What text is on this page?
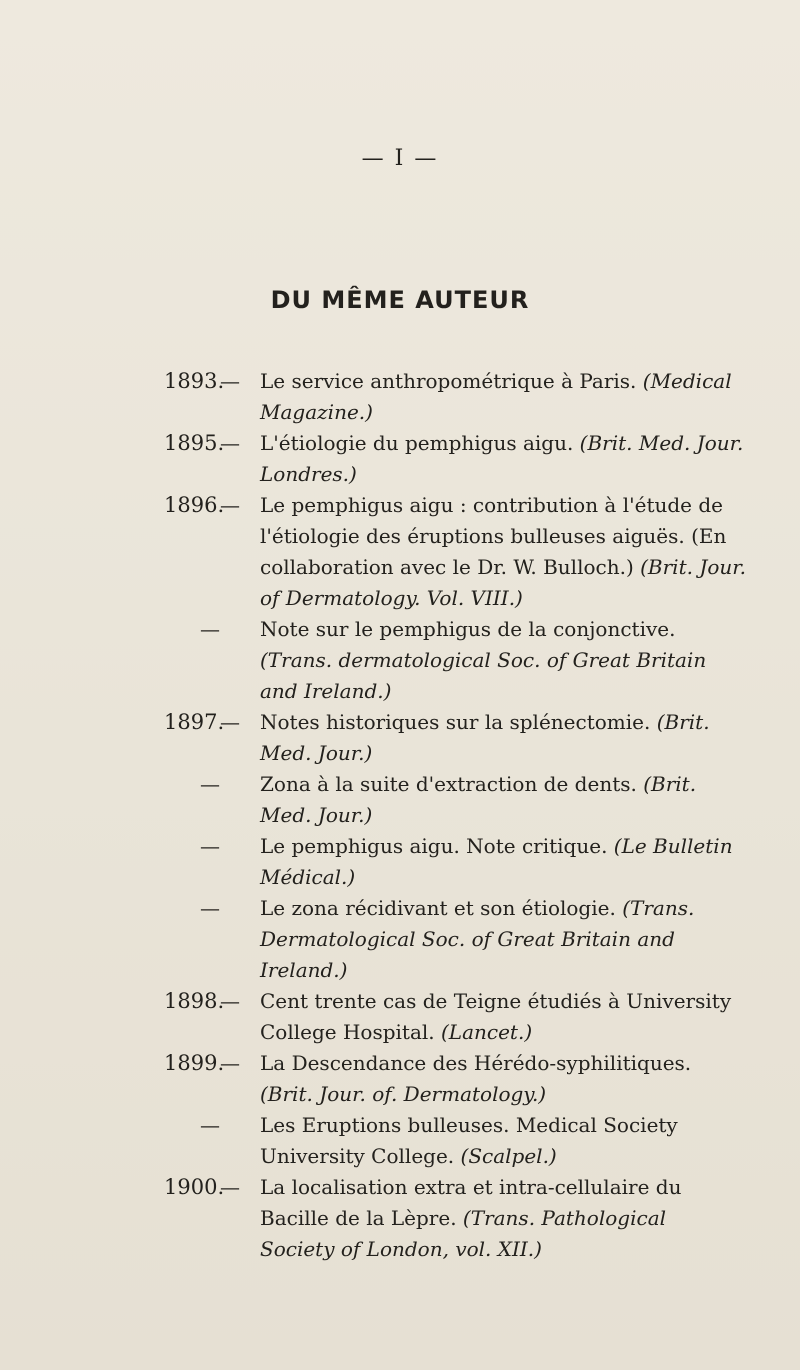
— I —
DU MÊME AUTEUR

1893.— Le service anthropométrique à Paris. (Medical Magazine.)

1895.— L'étiologie du pemphigus aigu. (Brit. Med. Jour. Londres.)

1896.— Le pemphigus aigu : contribution à l'étude de l'étiologie des éruptions bulleuses aiguës. (En collaboration avec le Dr. W. Bulloch.) (Brit. Jour. of Dermatology. Vol. VIII.)

— Note sur le pemphigus de la conjonctive. (Trans. dermatological Soc. of Great Britain and Ireland.)

1897.— Notes historiques sur la splénectomie. (Brit. Med. Jour.)

— Zona à la suite d'extraction de dents. (Brit. Med. Jour.)

— Le pemphigus aigu. Note critique. (Le Bulletin Médical.)

— Le zona récidivant et son étiologie. (Trans. Dermatological Soc. of Great Britain and Ireland.)

1898.— Cent trente cas de Teigne étudiés à University College Hospital. (Lancet.)

1899.— La Descendance des Hérédo-syphilitiques. (Brit. Jour. of. Dermatology.)

— Les Eruptions bulleuses. Medical Society University College. (Scalpel.)

1900.— La localisation extra et intra-cellulaire du Bacille de la Lèpre. (Trans. Pathological Society of London, vol. XII.)
